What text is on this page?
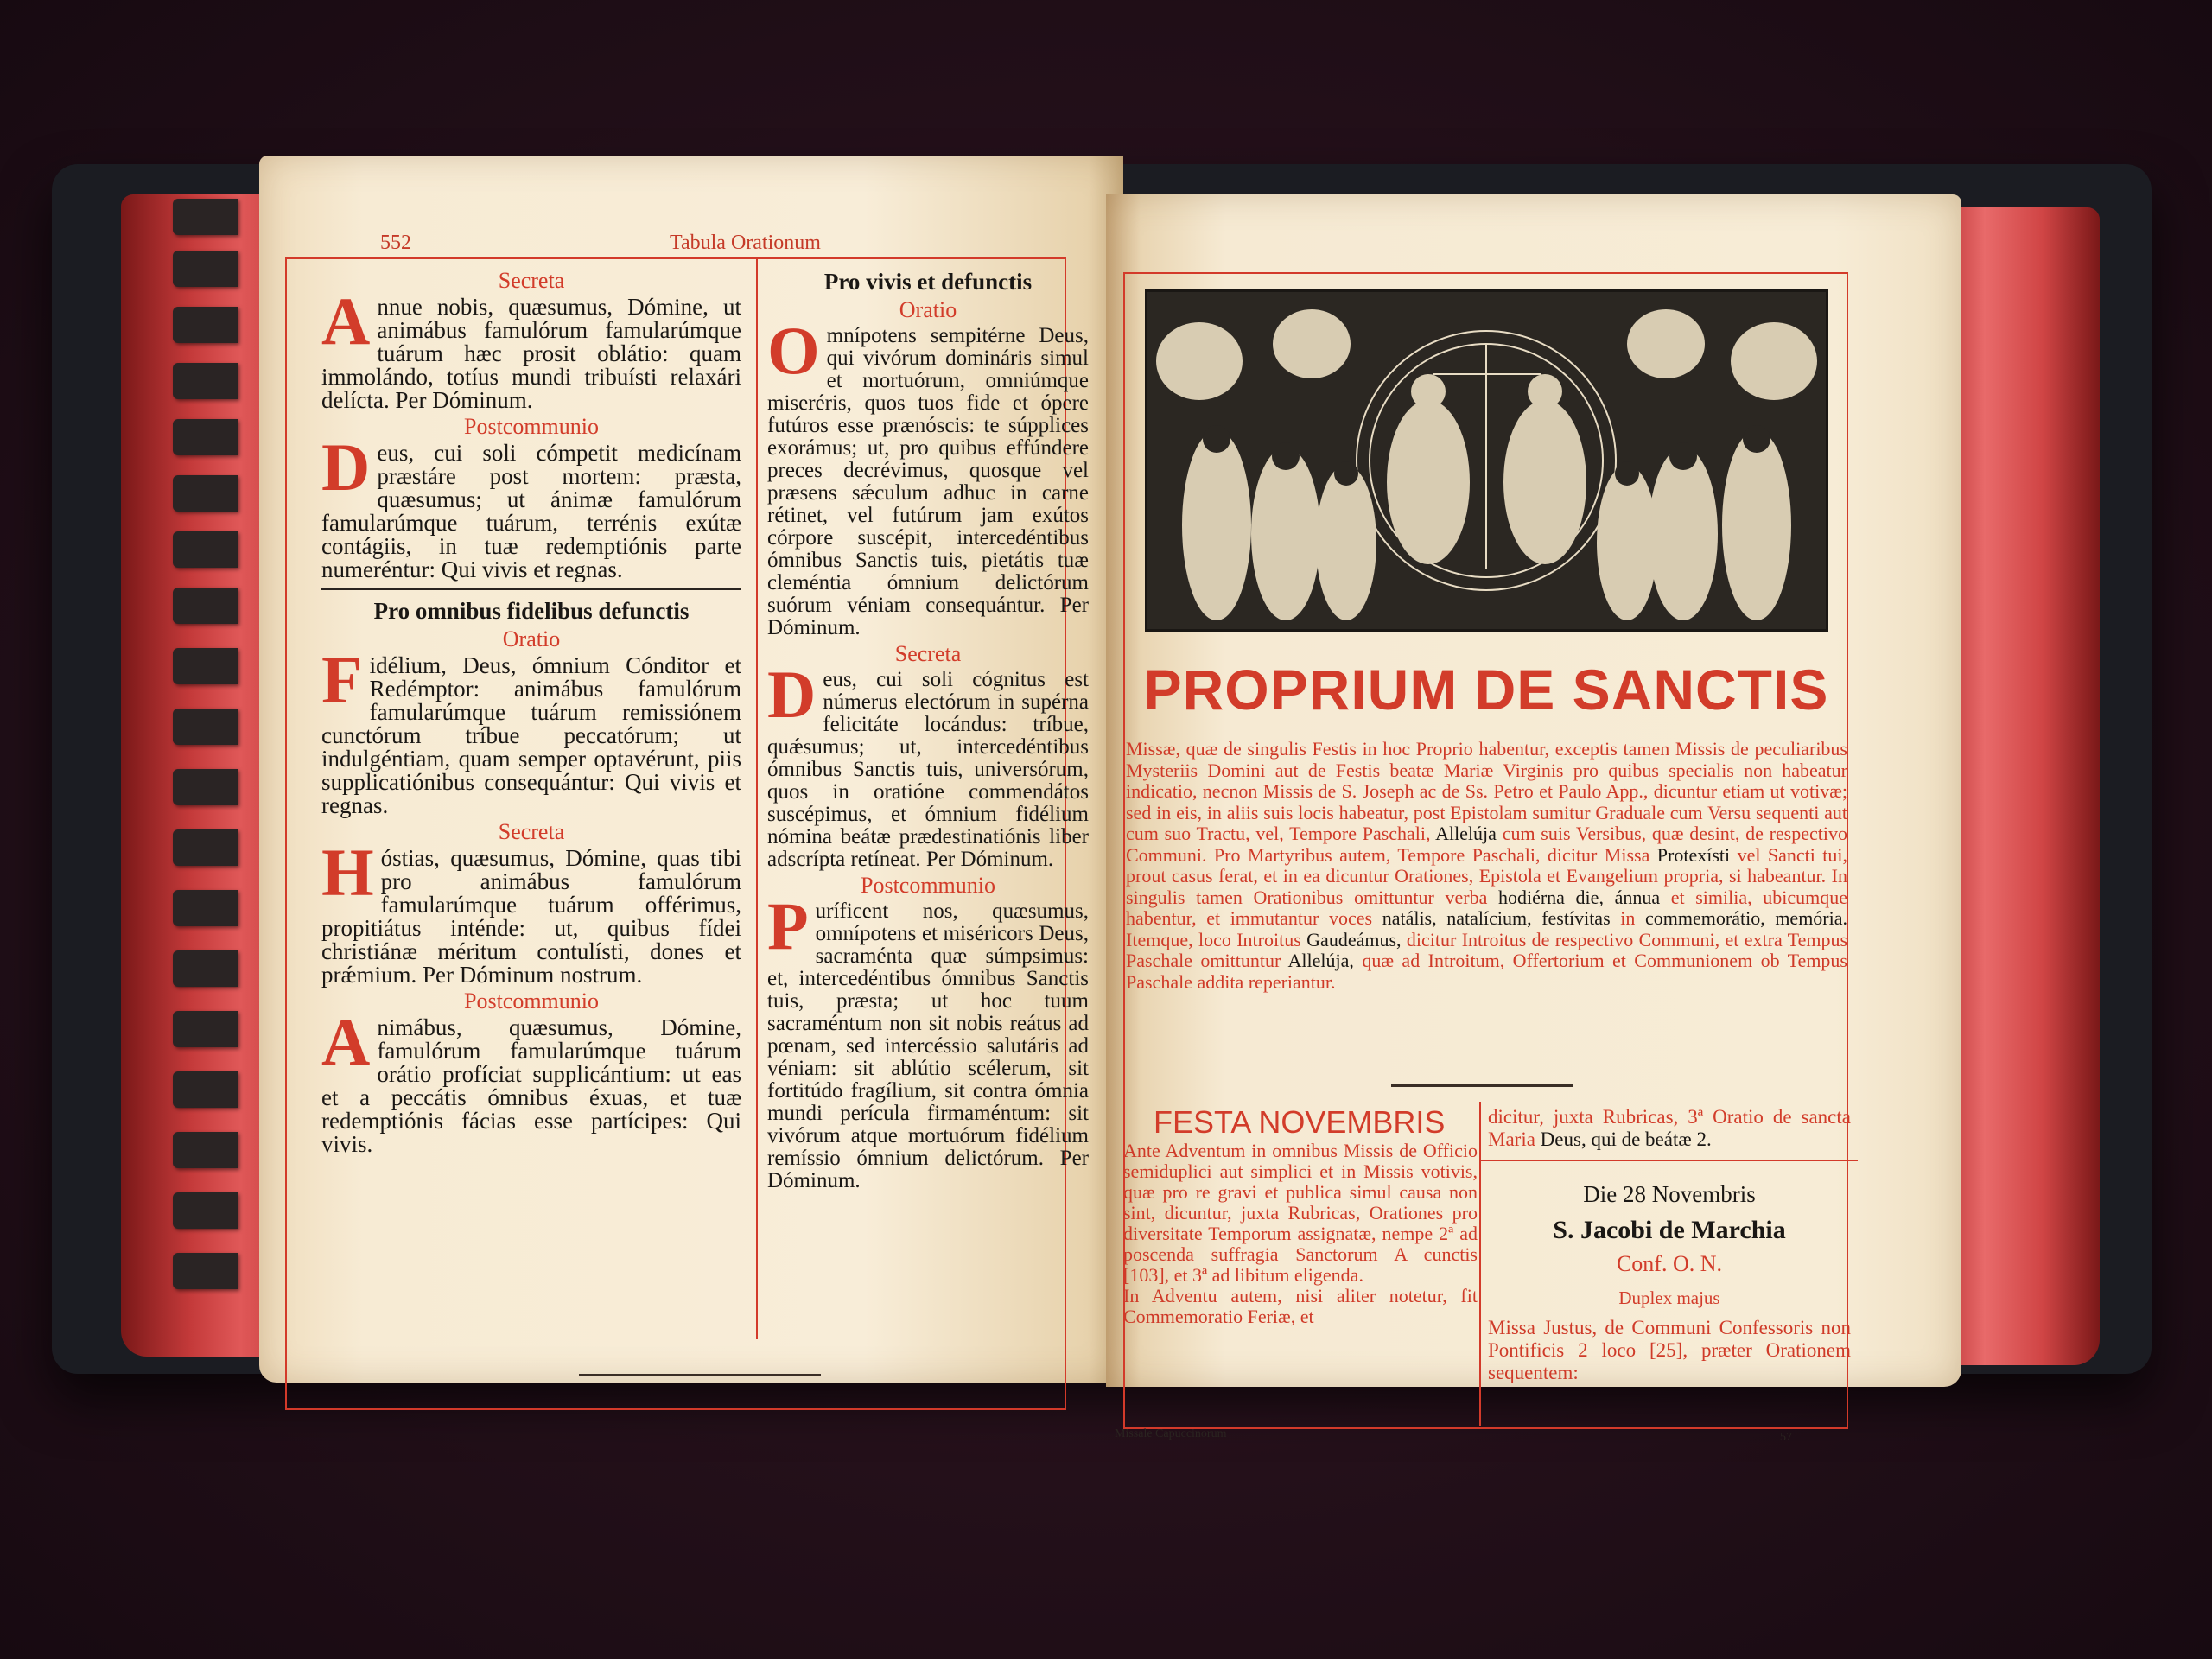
552	Tabula Orationum
Secreta

Annue nobis, quæsumus, Dómine, ut animábus famulórum famularúmque tuárum hæc prosit oblátio: quam immolándo, totíus mundi tribuísti relaxári delícta. Per Dóminum.

Postcommunio

Deus, cui soli cómpetit medicínam præstáre post mortem: præsta, quæsumus; ut ánimæ famulórum famularúmque tuárum, terrénis exútæ contágiis, in tuæ redemptiónis parte numeréntur: Qui vivis et regnas.

Pro omnibus fidelibus defunctis
Oratio

Fidélium, Deus, ómnium Cónditor et Redémptor: animábus famulórum famularúmque tuárum remissiónem cunctórum tríbue peccatórum; ut indulgéntiam, quam semper optavérunt, piis supplicatiónibus consequántur: Qui vivis et regnas.

Secreta

Hóstias, quæsumus, Dómine, quas tibi pro animábus famulórum famularúmque tuárum offérimus, propitiátus inténde: ut, quibus fídei christiánæ méritum contulísti, dones et prǽmium. Per Dóminum nostrum.

Postcommunio

Animábus, quæsumus, Dómine, famulórum famularúmque tuárum orátio profíciat supplicántium: ut eas et a peccátis ómnibus éxuas, et tuæ redemptiónis fácias esse partícipes: Qui vivis.

Pro vivis et defunctis
Oratio

Omnípotens sempitérne Deus, qui vivórum domináris simul et mortuórum, omniúmque miseréris, quos tuos fide et ópere futúros esse prænóscis: te súpplices exorámus; ut, pro quibus effúndere preces decrévimus, quosque vel præsens sǽculum adhuc in carne rétinet, vel futúrum jam exútos córpore suscépit, intercedéntibus ómnibus Sanctis tuis, pietátis tuæ cleméntia ómnium delictórum suórum véniam consequántur. Per Dóminum.

Secreta

Deus, cui soli cógnitus est númerus electórum in supérna felicitáte locándus: tríbue, quǽsumus; ut, intercedéntibus ómnibus Sanctis tuis, universórum, quos in oratióne commendátos suscépimus, et ómnium fidélium nómina beátæ prædestinatiónis liber adscrípta retíneat. Per Dóminum.

Postcommunio

Puríficent nos, quæsumus, omnípotens et miséricors Deus, sacraménta quæ súmpsimus: et, intercedéntibus ómnibus Sanctis tuis, præsta; ut hoc tuum sacraméntum non sit nobis reátus ad pœnam, sed intercéssio salutáris ad véniam: sit ablútio scélerum, sit fortitúdo fragílium, sit contra ómnia mundi perícula firmaméntum: sit vivórum atque mortuórum fidélium remíssio ómnium delictórum. Per Dóminum.

PROPRIUM DE SANCTIS
Missæ, quæ de singulis Festis in hoc Proprio habentur, exceptis tamen Missis de peculiaribus Mysteriis Domini aut de Festis beatæ Mariæ Virginis pro quibus specialis non habeatur indicatio, necnon Missis de S. Joseph ac de Ss. Petro et Paulo App., dicuntur etiam ut votivæ; sed in eis, in aliis suis locis habeatur, post Epistolam sumitur Graduale cum Versu sequenti aut cum suo Tractu, vel, Tempore Paschali, Allelúja cum suis Versibus, quæ desint, de respectivo Communi. Pro Martyribus autem, Tempore Paschali, dicitur Missa Protexísti vel Sancti tui, prout casus ferat, et in ea dicuntur Orationes, Epistola et Evangelium propria, si habeantur. In singulis tamen Orationibus omittuntur verba hodiérna die, ánnua et similia, ubicumque habentur, et immutantur voces natális, natalícium, festívitas in commemorátio, memória. Itemque, loco Introitus Gaudeámus, dicitur Introitus de respectivo Communi, et extra Tempus Paschale omittuntur Allelúja, quæ ad Introitum, Offertorium et Communionem ob Tempus Paschale addita reperiantur.
FESTA NOVEMBRIS

Ante Adventum in omnibus Missis de Officio semiduplici aut simplici et in Missis votivis, quæ pro re gravi et publica simul causa non sint, dicuntur, juxta Rubricas, Orationes pro diversitate Temporum assignatæ, nempe 2ª ad poscenda suffragia Sanctorum A cunctis [103], et 3ª ad libitum eligenda.

In Adventu autem, nisi aliter notetur, fit Commemoratio Feriæ, et

dicitur, juxta Rubricas, 3ª Oratio de sancta Maria Deus, qui de beátæ 2.

Die 28 Novembris
S. Jacobi de Marchia
Conf. O. N.
Duplex majus

Missa Justus, de Communi Confessoris non Pontificis 2 loco [25], præter Orationem sequentem:

Missale Capuccinorum	57
